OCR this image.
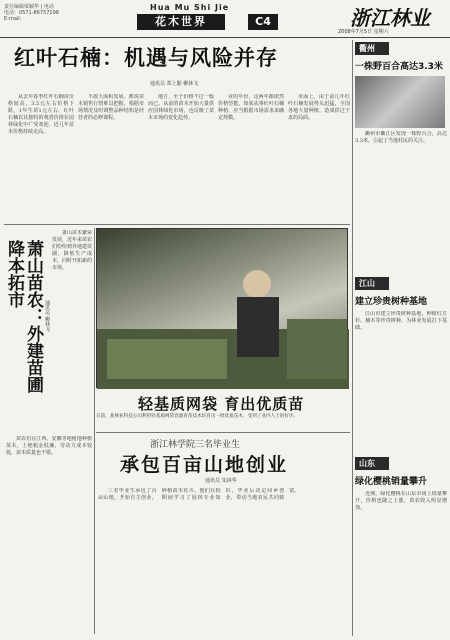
责任编辑梁颖华 | 电话
电话：0571-86757198
E-mail:
Hua Mu Shi Jie
花木世界	C4	浙江林业
2008年7月5日 星期六
红叶石楠：机遇与风险并存
通讯员 郑上勤 柳林飞

从去年春季红叶石楠苗价格较高，3.5元左右价格下跌，1年生苗1元左右。红叶石楠以其独特的观赏价值在园林绿化中广受欢迎，近几年苗木价格持续走高。

不敢大面积发展。都说苗木销售行情难以把握，根据市场情况及时调整品种结构是经营者的必修课程。

地方，至于价格不过一般而已。从前的苗木开始大量供应园林绿化市场，也反映了苗木市场的变化趋势。

业的年份，这两年都依然价格坚挺。如果从事红叶石楠种植，应当根据市场需求来确定规模。

市面上，由于前几年红叶石楠发展势头迅猛，全国各地大量种植，造成供过于求的局面。

萧山苗农：外建苗圃 降本拓市
通讯员 柳林飞

萧山苗木繁荣发展，近年来苗农们纷纷到外地建苗圃，降低生产成本，同时开拓新的市场。

苗农们在江西、安徽等地租地种植苗木，土地租金低廉，劳动力成本较低，苗木质量也不错。

轻基质网袋 育出优质苗
日前，某林业科技公司利用轻基质网袋容器育苗技术培育出一批优质苗木，受到了业内人士的好评。
浙江林学院三名毕业生
承包百亩山地创业
通讯员 朱林华

三名毕业生承包了百亩山地，开始自主创业，种植苗木花卉。他们在校期间学习了园林专业知识，毕业后决定回乡创业，带动当地农民共同致富。

衢州
一株野百合高达3.3米

衢州市衢江区发现一株野百合，高达3.3米，引起了当地村民的关注。

江山
建立珍贵树种基地

江山市建立珍贵树种基地，种植红豆杉、楠木等珍贵树种，为林业发展打下基础。

山东
绿化樱桃销量攀升

近期，绿化樱桃在山东市场上销量攀升，价格也随之上涨，苗农收入明显增加。
